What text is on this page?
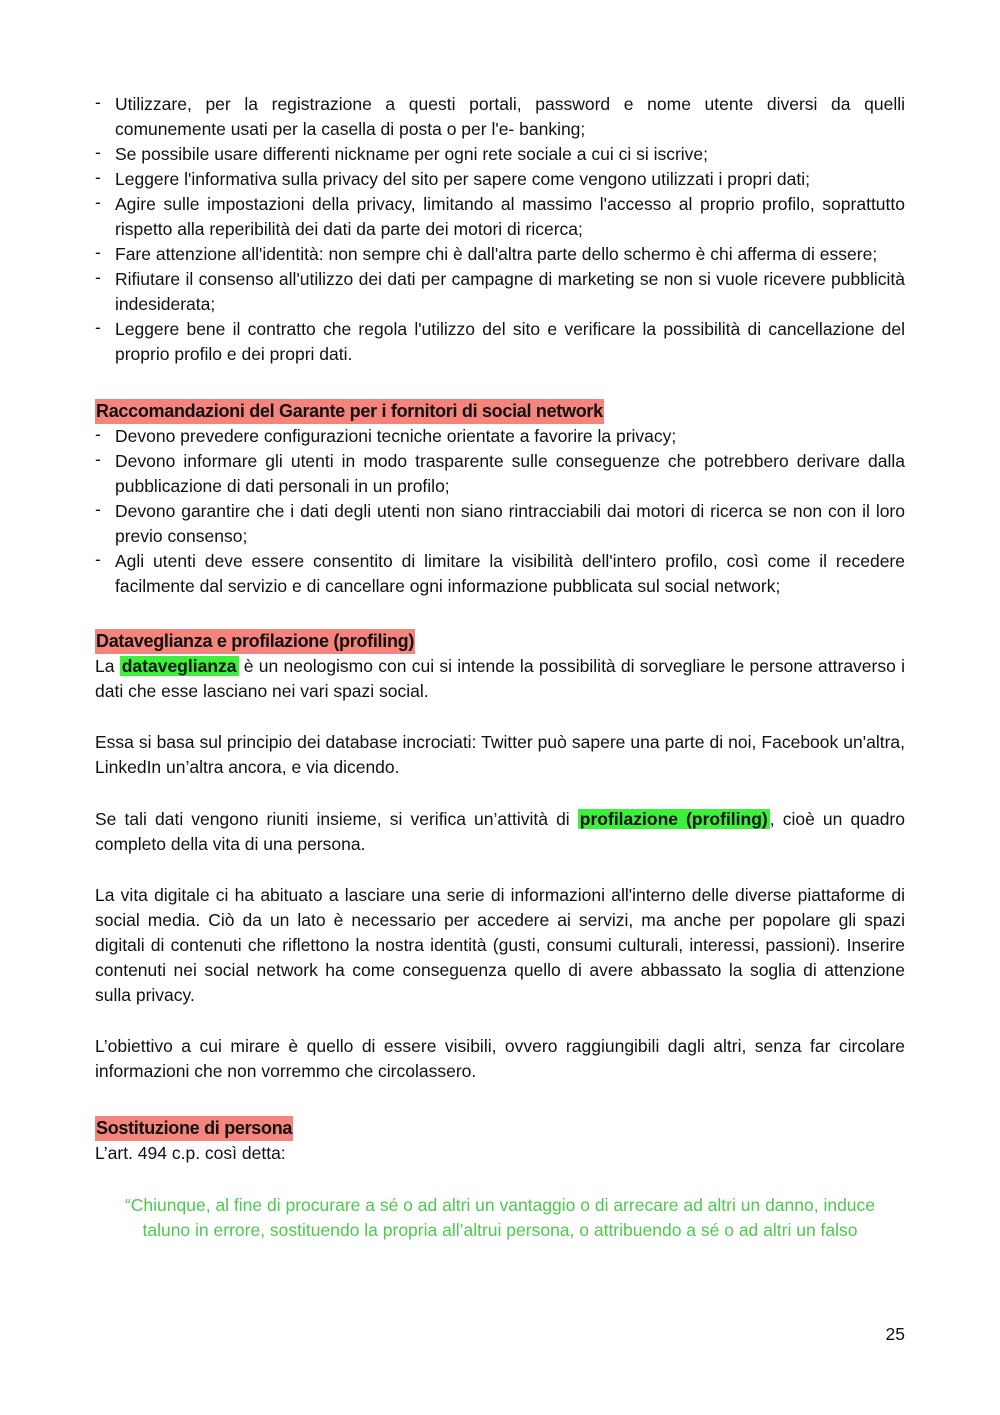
- Utilizzare, per la registrazione a questi portali, password e nome utente diversi da quelli comunemente usati per la casella di posta o per l'e- banking;
- Se possibile usare differenti nickname per ogni rete sociale a cui ci si iscrive;
- Leggere l'informativa sulla privacy del sito per sapere come vengono utilizzati i propri dati;
- Agire sulle impostazioni della privacy, limitando al massimo l'accesso al proprio profilo, soprattutto rispetto alla reperibilità dei dati da parte dei motori di ricerca;
- Fare attenzione all'identità: non sempre chi è dall'altra parte dello schermo è chi afferma di essere;
- Rifiutare il consenso all'utilizzo dei dati per campagne di marketing se non si vuole ricevere pubblicità indesiderata;
- Leggere bene il contratto che regola l'utilizzo del sito e verificare la possibilità di cancellazione del proprio profilo e dei propri dati.
Raccomandazioni del Garante per i fornitori di social network
- Devono prevedere configurazioni tecniche orientate a favorire la privacy;
- Devono informare gli utenti in modo trasparente sulle conseguenze che potrebbero derivare dalla pubblicazione di dati personali in un profilo;
- Devono garantire che i dati degli utenti non siano rintracciabili dai motori di ricerca se non con il loro previo consenso;
- Agli utenti deve essere consentito di limitare la visibilità dell'intero profilo, così come il recedere facilmente dal servizio e di cancellare ogni informazione pubblicata sul social network;
Dataveglianza e profilazione (profiling)

La dataveglianza è un neologismo con cui si intende la possibilità di sorvegliare le persone attraverso i dati che esse lasciano nei vari spazi social.

Essa si basa sul principio dei database incrociati: Twitter può sapere una parte di noi, Facebook un'altra, LinkedIn un’altra ancora, e via dicendo.

Se tali dati vengono riuniti insieme, si verifica un’attività di profilazione (profiling) , cioè un quadro completo della vita di una persona.

La vita digitale ci ha abituato a lasciare una serie di informazioni all'interno delle diverse piattaforme di social media. Ciò da un lato è necessario per accedere ai servizi, ma anche per popolare gli spazi digitali di contenuti che riflettono la nostra identità (gusti, consumi culturali, interessi, passioni). Inserire contenuti nei social network ha come conseguenza quello di avere abbassato la soglia di attenzione sulla privacy.

L’obiettivo a cui mirare è quello di essere visibili, ovvero raggiungibili dagli altri, senza far circolare informazioni che non vorremmo che circolassero.

Sostituzione di persona

L’art. 494 c.p. così detta:

“Chiunque, al fine di procurare a sé o ad altri un vantaggio o di arrecare ad altri un danno, induce taluno in errore, sostituendo la propria all’altrui persona, o attribuendo a sé o ad altri un falso

25
